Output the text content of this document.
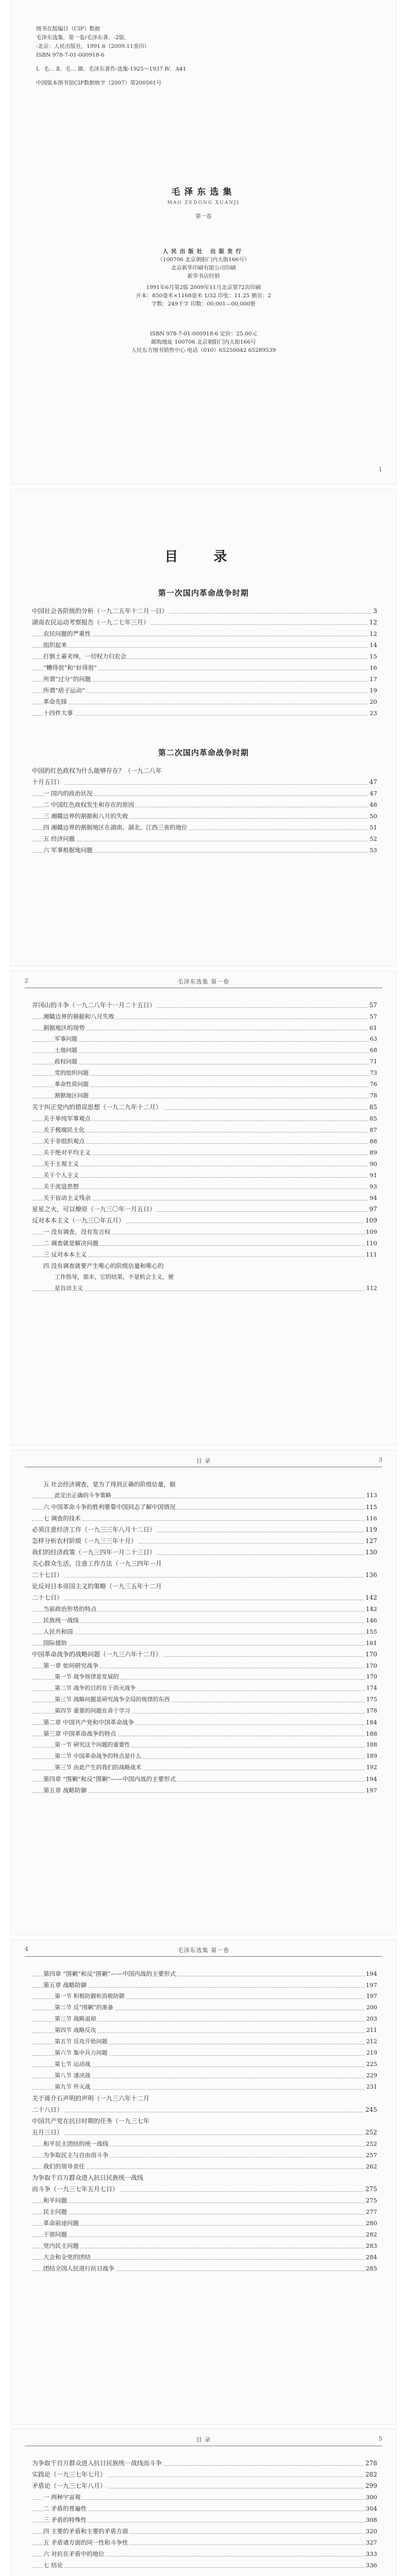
图书在版编目（CIP）数据
毛泽东选集．第一卷/毛泽东著．-2版．
-北京：人民出版社，1991.6（2009.11重印）
ISBN 978-7-01-000918-6
Ⅰ．毛… Ⅱ．毛… Ⅲ．毛泽东著作-选集-1925～1937 Ⅳ．A41
中国版本图书馆CIP数据核字（2007）第200561号
毛泽东选集
MAO ZEDONG XUANJI
第一卷
人民出版社 出版发行
（100706 北京朝阳门内大街166号）
北京新华印刷有限公司印刷
新华书店经销
1991年6月第2版 2009年11月北京第72次印刷
开本：850毫米×1168毫米 1/32 印张：11.25 插页：2
字数：249千字 印数：00,001—00,000册
ISBN 978-7-01-000918-6 定价：25.00元
邮购地址 100706 北京朝阳门内大街166号
人民东方图书销售中心 电话（010）65250042 65289539
1
目 录
第一次国内革命战争时期
中国社会各阶级的分析（一九二五年十二月一日）	3
湖南农民运动考察报告（一九二七年三月）	12
农民问题的严重性	12
组织起来	14
打倒土豪劣绅，一切权力归农会	15
“糟得很”和“好得很”	16
所谓“过分”的问题	17
所谓“痞子运动”	19
革命先锋	20
十四件大事	23
第二次国内革命战争时期
中国的红色政权为什么能够存在？（一九二八年
十月五日）	47
一 国内的政治状况	47
二 中国红色政权发生和存在的原因	48
三 湘赣边界的割据和八月的失败	50
四 湘赣边界的割据地区在湖南、湖北、江西三省的地位	51
五 经济问题	52
六 军事根据地问题	53
2	毛泽东选集 第一卷
井冈山的斗争（一九二八年十一月二十五日）	57
湘赣边界的割据和八月失败	57
割据地区的现势	61
军事问题	63
土地问题	68
政权问题	71
党的组织问题	73
革命性质问题	76
割据地区问题	78
关于纠正党内的错误思想（一九二九年十二月）	85
关于单纯军事观点	85
关于极端民主化	87
关于非组织观点	88
关于绝对平均主义	89
关于主观主义	90
关于个人主义	91
关于流寇思想	93
关于盲动主义残余	94
星星之火，可以燎原（一九三〇年一月五日）	97
反对本本主义（一九三〇年五月）	109
一 没有调查，没有发言权	109
二 调查就是解决问题	110
三 反对本本主义	111
四 没有调查就要产生唯心的阶级估量和唯心的
工作指导，那末，它的结果，不是机会主义，便
是盲动主义	112
目 录	3
五 社会经济调查，是为了得到正确的阶级估量，据
此定出正确的斗争策略	113
六 中国革命斗争的胜利要靠中国同志了解中国情况	115
七 调查的技术	116
必须注意经济工作（一九三三年八月十二日）	119
怎样分析农村阶级（一九三三年十月）	127
我们的经济政策（一九三四年一月二十三日）	130
关心群众生活，注意工作方法（一九三四年一月
二十七日）	136
论反对日本帝国主义的策略（一九三五年十二月
二十七日）	142
当前政治形势的特点	142
民族统一战线	146
人民共和国	155
国际援助	161
中国革命战争的战略问题（一九三六年十二月）	170
第一章 如何研究战争	170
第一节 战争规律是发展的	170
第二节 战争的目的在于消灭战争	174
第三节 战略问题是研究战争全局的规律的东西	175
第四节 重要的问题在善于学习	178
第二章 中国共产党和中国革命战争	184
第三章 中国革命战争的特点	188
第一节 研究这个问题的重要性	188
第二节 中国革命战争的特点是什么	189
第三节 由此产生的我们的战略战术	192
第四章 “围剿”和反“围剿”——中国内战的主要形式	194
第五章 战略防御	197
4	毛泽东选集 第一卷
第四章 “围剿”和反“围剿”——中国内战的主要形式	194
第五章 战略防御	197
第一节 积极防御和消极防御	197
第二节 反“围剿”的准备	200
第三节 战略退却	203
第四节 战略反攻	211
第五节 反攻开始问题	212
第六节 集中兵力问题	219
第七节 运动战	225
第八节 速决战	229
第九节 歼灭战	231
关于蒋介石声明的声明（一九三六年十二月
二十八日）	245
中国共产党在抗日时期的任务（一九三七年
五月三日）	252
和平民主团结的统一战线	252
为争取民主与自由而斗争	257
我们的领导责任	262
为争取千百万群众进入抗日民族统一战线
而斗争（一九三七年五月七日）	275
和平问题	275
民主问题	277
革命前途问题	280
干部问题	282
党内民主问题	283
大会和全党的团结	284
团结全国人民进行抗日战争	285
目 录	5
为争取千百万群众进入抗日民族统一战线而斗争	278
实践论（一九三七年七月）	282
矛盾论（一九三七年八月）	299
一 两种宇宙观	300
二 矛盾的普遍性	304
三 矛盾的特殊性	308
四 主要的矛盾和主要的矛盾方面	320
五 矛盾诸方面的同一性和斗争性	327
六 对抗在矛盾中的地位	333
七 结论	336
